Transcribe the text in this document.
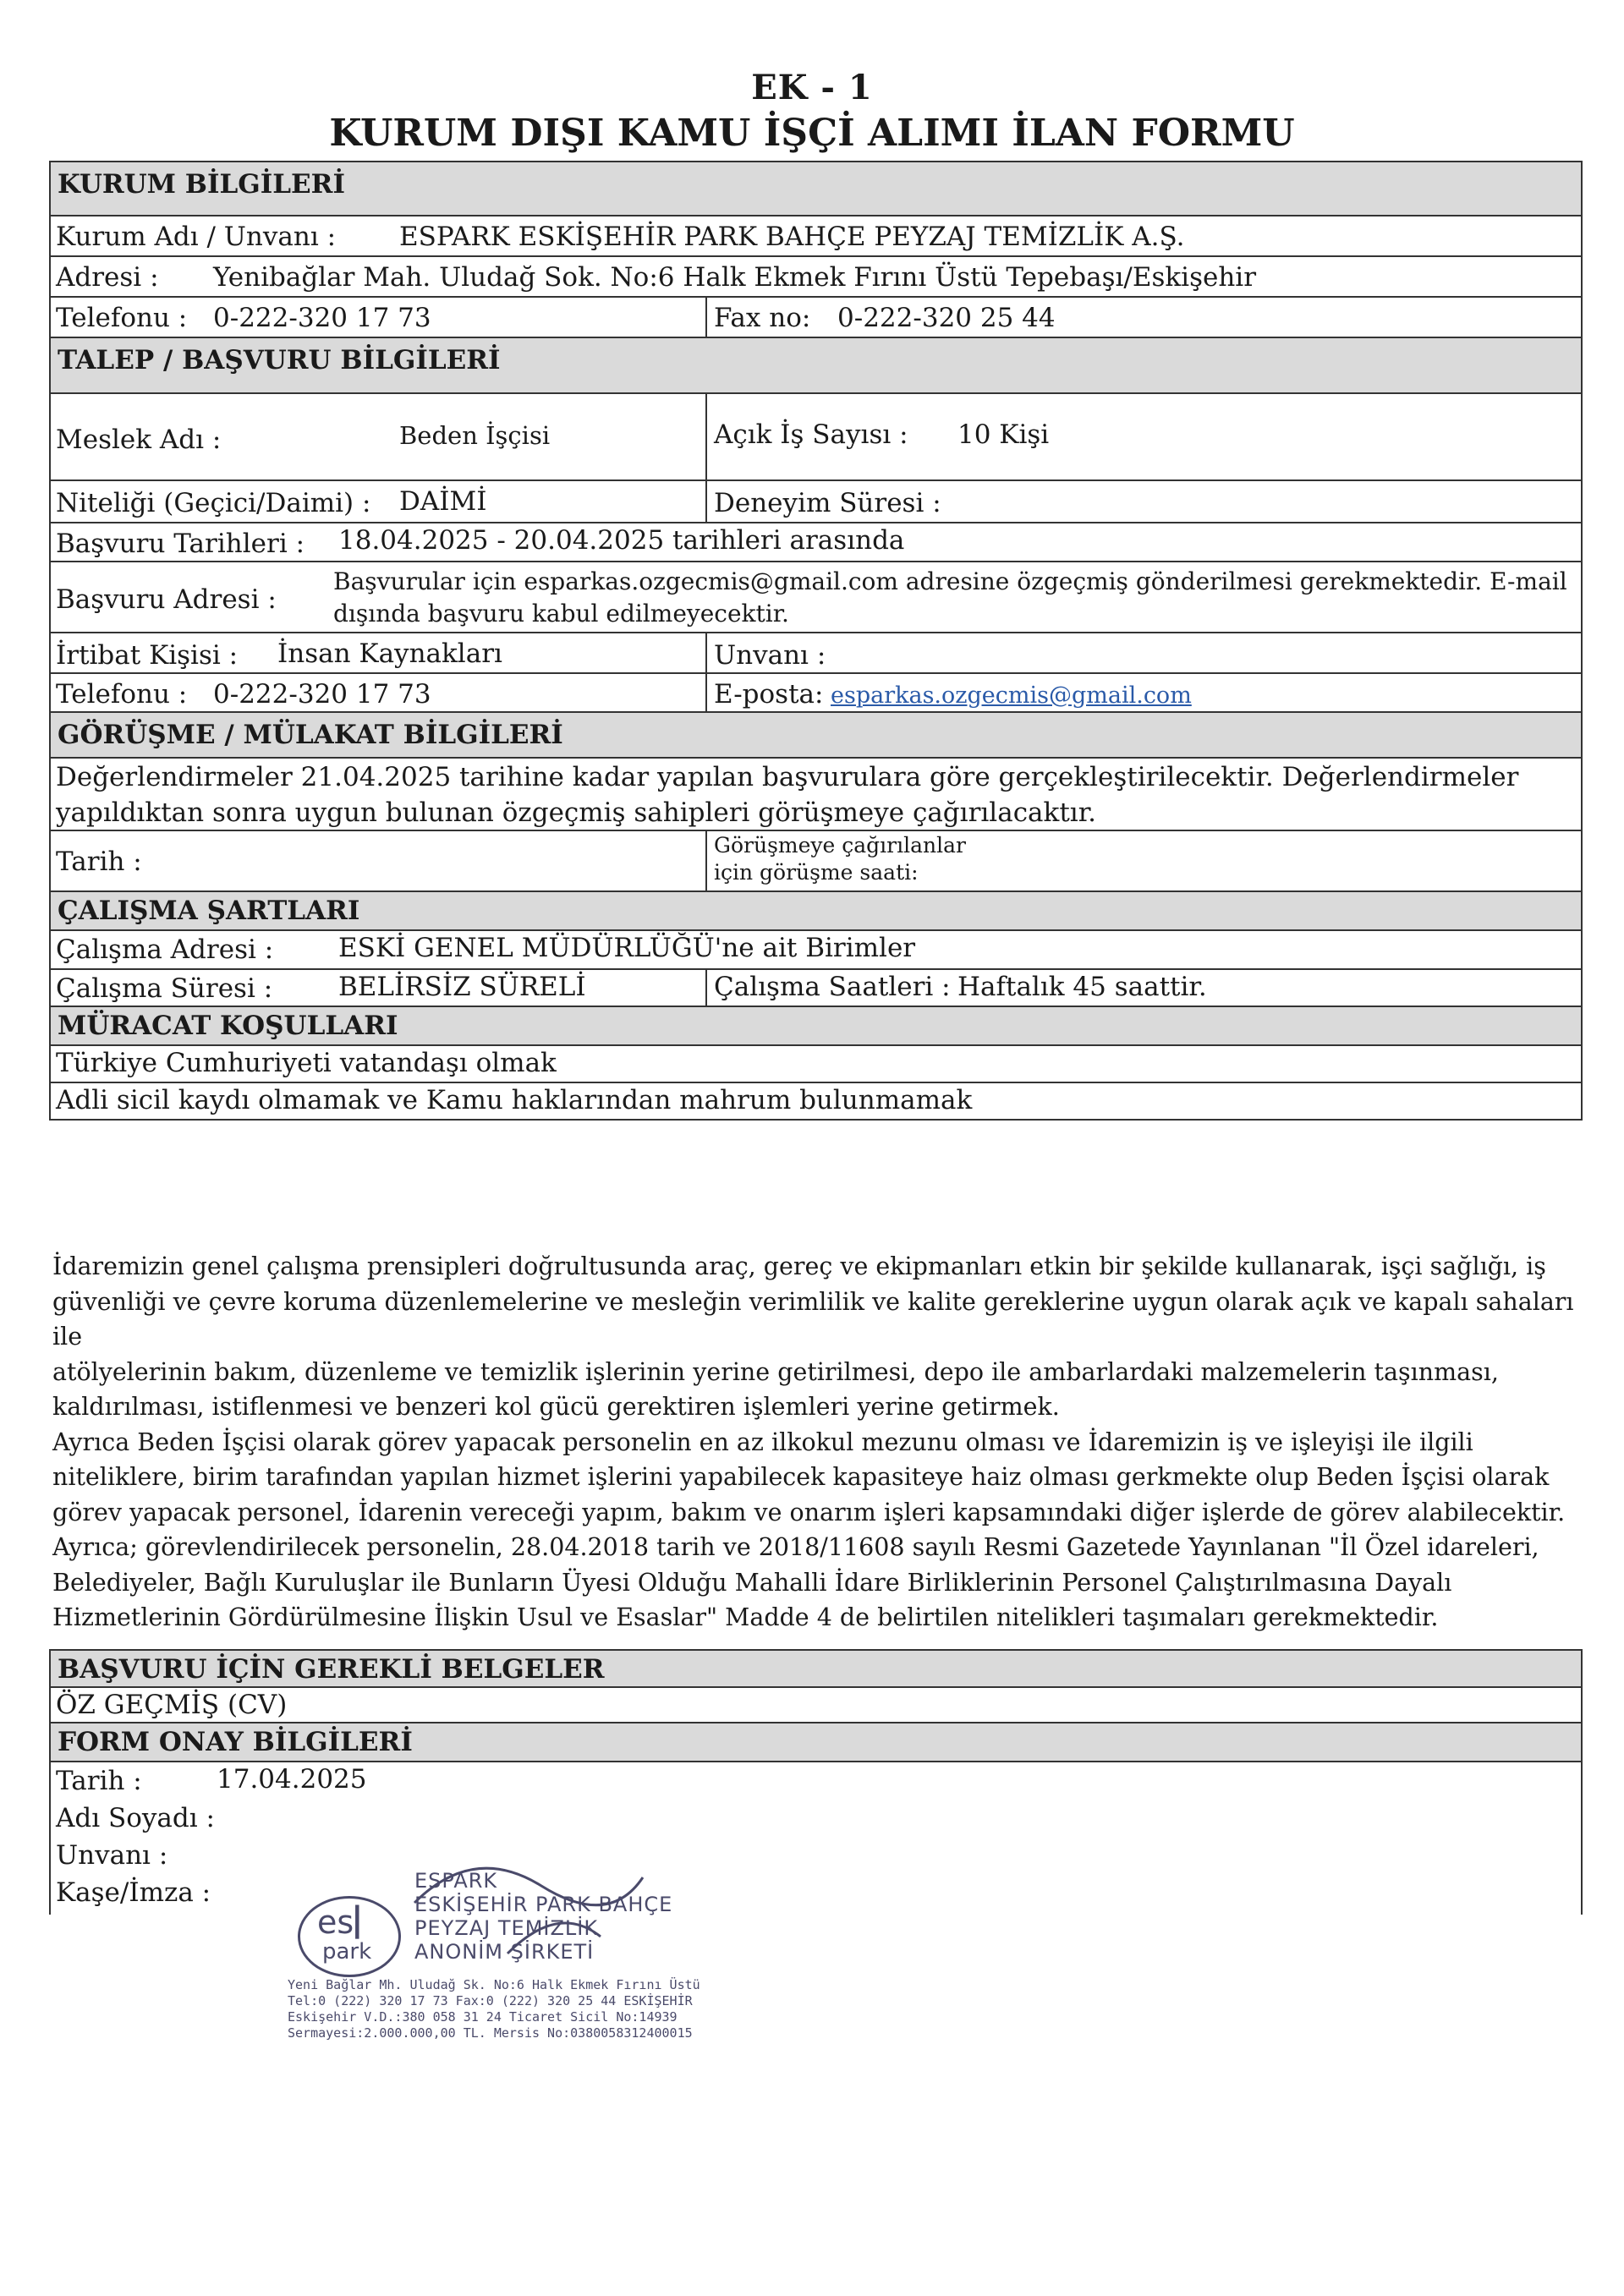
EK - 1
KURUM DIŞI KAMU İŞÇİ ALIMI İLAN FORMU
KURUM BİLGİLERİ
Kurum Adı / Unvanı : ESPARK ESKİŞEHİR PARK BAHÇE PEYZAJ TEMİZLİK A.Ş.
Adresi : Yenibağlar Mah. Uludağ Sok. No:6 Halk Ekmek Fırını Üstü Tepebaşı/Eskişehir
Telefonu : 0-222-320 17 73	Fax no: 0-222-320 25 44
TALEP / BAŞVURU BİLGİLERİ
Meslek Adı :	Beden İşçisi	Açık İş Sayısı : 10 Kişi
Niteliği (Geçici/Daimi) : DAİMİ	Deneyim Süresi :
Başvuru Tarihleri : 18.04.2025 - 20.04.2025 tarihleri arasında
Başvuru Adresi :
Başvurular için esparkas.ozgecmis@gmail.com adresine özgeçmiş gönderilmesi gerekmektedir. E-mail
dışında başvuru kabul edilmeyecektir.
İrtibat Kişisi : İnsan Kaynakları	Unvanı :
Telefonu : 0-222-320 17 73	E-posta: esparkas.ozgecmis@gmail.com
GÖRÜŞME / MÜLAKAT BİLGİLERİ
Değerlendirmeler 21.04.2025 tarihine kadar yapılan başvurulara göre gerçekleştirilecektir. Değerlendirmeler
yapıldıktan sonra uygun bulunan özgeçmiş sahipleri görüşmeye çağırılacaktır.
Tarih :
Görüşmeye çağırılanlar
için görüşme saati:
ÇALIŞMA ŞARTLARI
Çalışma Adresi : ESKİ GENEL MÜDÜRLÜĞÜ'ne ait Birimler
Çalışma Süresi :	BELİRSİZ SÜRELİ	Çalışma Saatleri : Haftalık 45 saattir.
MÜRACAT KOŞULLARI
Türkiye Cumhuriyeti vatandaşı olmak
Adli sicil kaydı olmamak ve Kamu haklarından mahrum bulunmamak
İdaremizin genel çalışma prensipleri doğrultusunda araç, gereç ve ekipmanları etkin bir şekilde kullanarak, işçi sağlığı, iş
güvenliği ve çevre koruma düzenlemelerine ve mesleğin verimlilik ve kalite gereklerine uygun olarak açık ve kapalı sahaları ile
atölyelerinin bakım, düzenleme ve temizlik işlerinin yerine getirilmesi, depo ile ambarlardaki malzemelerin taşınması,
kaldırılması, istiflenmesi ve benzeri kol gücü gerektiren işlemleri yerine getirmek.
Ayrıca Beden İşçisi olarak görev yapacak personelin en az ilkokul mezunu olması ve İdaremizin iş ve işleyişi ile ilgili
niteliklere, birim tarafından yapılan hizmet işlerini yapabilecek kapasiteye haiz olması gerkmekte olup Beden İşçisi olarak
görev yapacak personel, İdarenin vereceği yapım, bakım ve onarım işleri kapsamındaki diğer işlerde de görev alabilecektir.
Ayrıca; görevlendirilecek personelin, 28.04.2018 tarih ve 2018/11608 sayılı Resmi Gazetede Yayınlanan "İl Özel idareleri,
Belediyeler, Bağlı Kuruluşlar ile Bunların Üyesi Olduğu Mahalli İdare Birliklerinin Personel Çalıştırılmasına Dayalı
Hizmetlerinin Gördürülmesine İlişkin Usul ve Esaslar" Madde 4 de belirtilen nitelikleri taşımaları gerekmektedir.
BAŞVURU İÇİN GEREKLİ BELGELER
ÖZ GEÇMİŞ (CV)
FORM ONAY BİLGİLERİ
Tarih :	17.04.2025
Adı Soyadı :
Unvanı :
Kaşe/İmza :
es
|
park
ESPARK
ESKİŞEHİR PARK BAHÇE
PEYZAJ TEMİZLİK
ANONİM ŞİRKETİ
Yeni Bağlar Mh. Uludağ Sk. No:6 Halk Ekmek Fırını Üstü
Tel:0 (222) 320 17 73 Fax:0 (222) 320 25 44 ESKİŞEHİR
Eskişehir V.D.:380 058 31 24 Ticaret Sicil No:14939
Sermayesi:2.000.000,00 TL. Mersis No:0380058312400015
